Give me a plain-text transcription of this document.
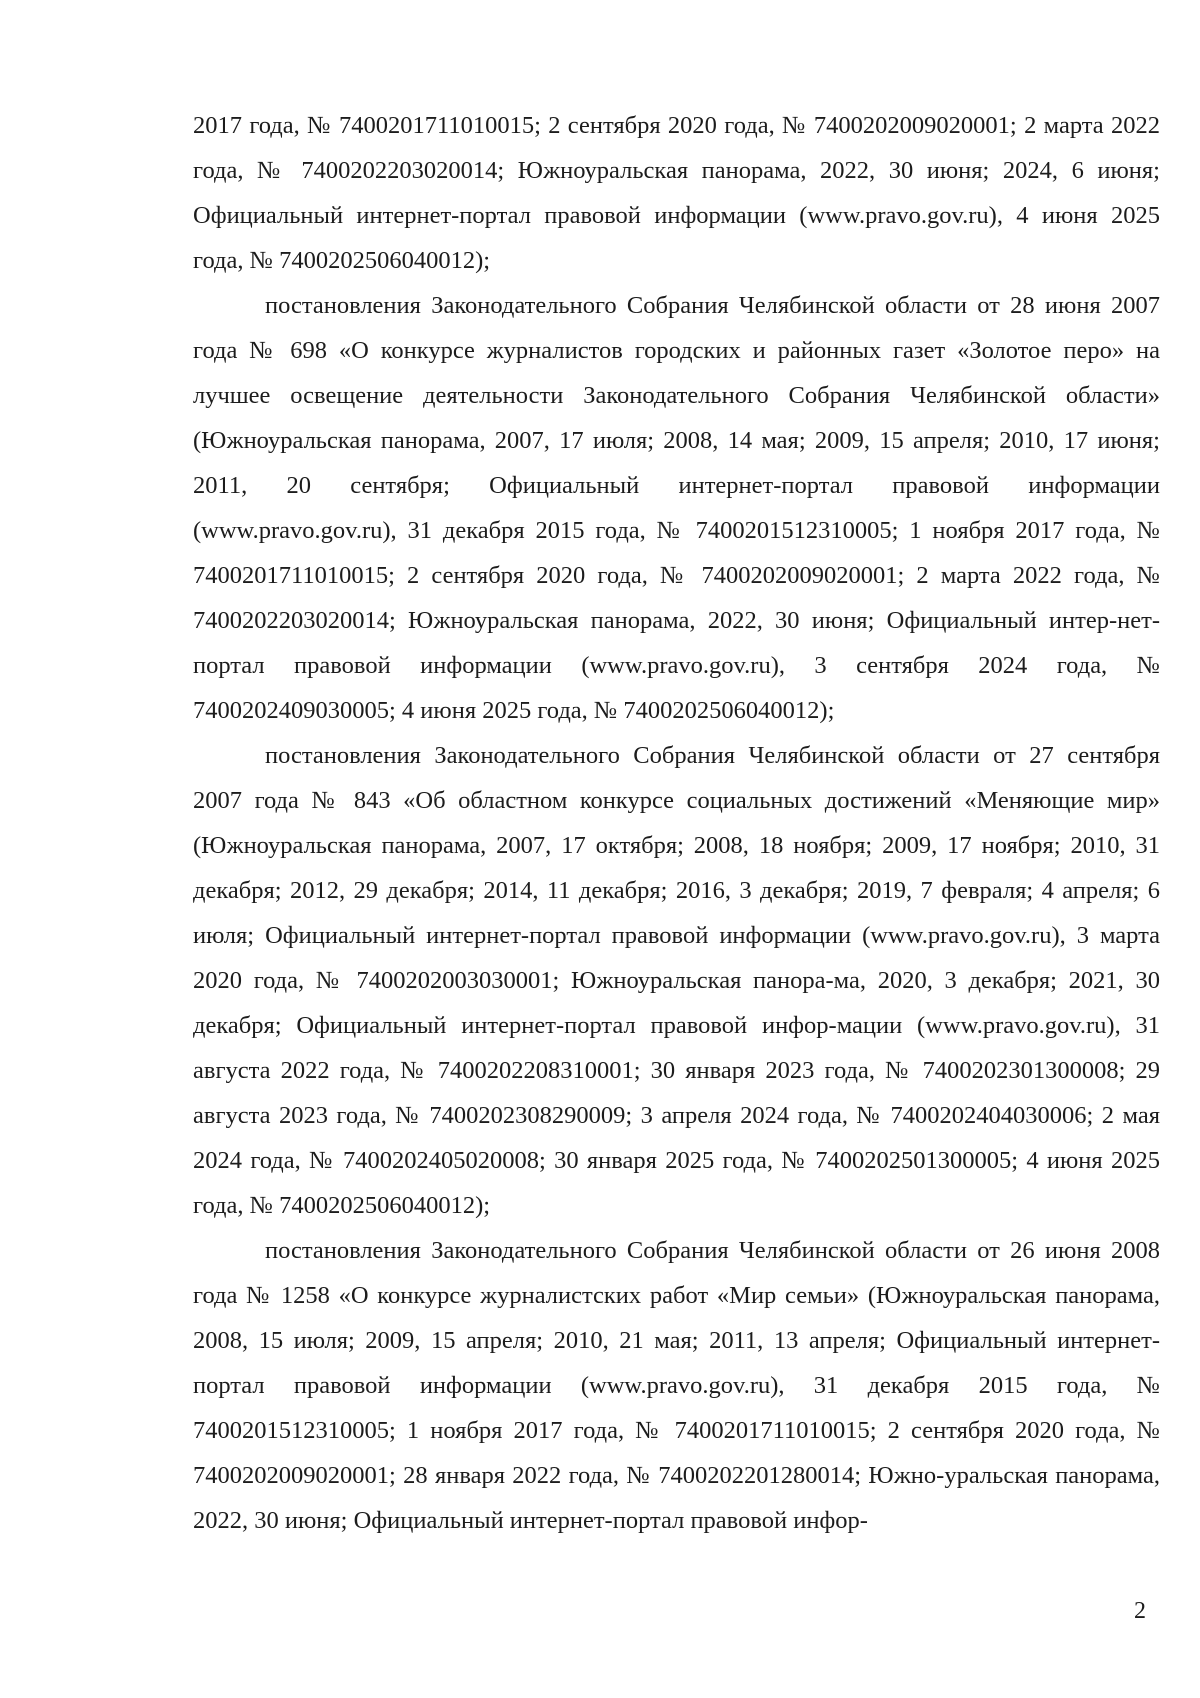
2017 года, № 7400201711010015; 2 сентября 2020 года, № 7400202009020001; 2 марта 2022 года, № 7400202203020014; Южноуральская панорама, 2022, 30 июня; 2024, 6 июня; Официальный интернет-портал правовой информации (www.pravo.gov.ru), 4 июня 2025 года, № 7400202506040012);

постановления Законодательного Собрания Челябинской области от 28 июня 2007 года № 698 «О конкурсе журналистов городских и районных газет «Золотое перо» на лучшее освещение деятельности Законодательного Собрания Челябинской области» (Южноуральская панорама, 2007, 17 июля; 2008, 14 мая; 2009, 15 апреля; 2010, 17 июня; 2011, 20 сентября; Официальный интернет-портал правовой информации (www.pravo.gov.ru), 31 декабря 2015 года, № 7400201512310005; 1 ноября 2017 года, № 7400201711010015; 2 сентября 2020 года, № 7400202009020001; 2 марта 2022 года, № 7400202203020014; Южноуральская панорама, 2022, 30 июня; Официальный интер-нет-портал правовой информации (www.pravo.gov.ru), 3 сентября 2024 года, № 7400202409030005; 4 июня 2025 года, № 7400202506040012);

постановления Законодательного Собрания Челябинской области от 27 сентября 2007 года № 843 «Об областном конкурсе социальных достижений «Меняющие мир» (Южноуральская панорама, 2007, 17 октября; 2008, 18 ноября; 2009, 17 ноября; 2010, 31 декабря; 2012, 29 декабря; 2014, 11 декабря; 2016, 3 декабря; 2019, 7 февраля; 4 апреля; 6 июля; Официальный интернет-портал правовой информации (www.pravo.gov.ru), 3 марта 2020 года, № 7400202003030001; Южноуральская панора-ма, 2020, 3 декабря; 2021, 30 декабря; Официальный интернет-портал правовой инфор-мации (www.pravo.gov.ru), 31 августа 2022 года, № 7400202208310001; 30 января 2023 года, № 7400202301300008; 29 августа 2023 года, № 7400202308290009; 3 апреля 2024 года, № 7400202404030006; 2 мая 2024 года, № 7400202405020008; 30 января 2025 года, № 7400202501300005; 4 июня 2025 года, № 7400202506040012);

постановления Законодательного Собрания Челябинской области от 26 июня 2008 года № 1258 «О конкурсе журналистских работ «Мир семьи» (Южноуральская панорама, 2008, 15 июля; 2009, 15 апреля; 2010, 21 мая; 2011, 13 апреля; Официальный интернет-портал правовой информации (www.pravo.gov.ru), 31 декабря 2015 года, № 7400201512310005; 1 ноября 2017 года, № 7400201711010015; 2 сентября 2020 года, № 7400202009020001; 28 января 2022 года, № 7400202201280014; Южно-уральская панорама, 2022, 30 июня; Официальный интернет-портал правовой инфор-

2
